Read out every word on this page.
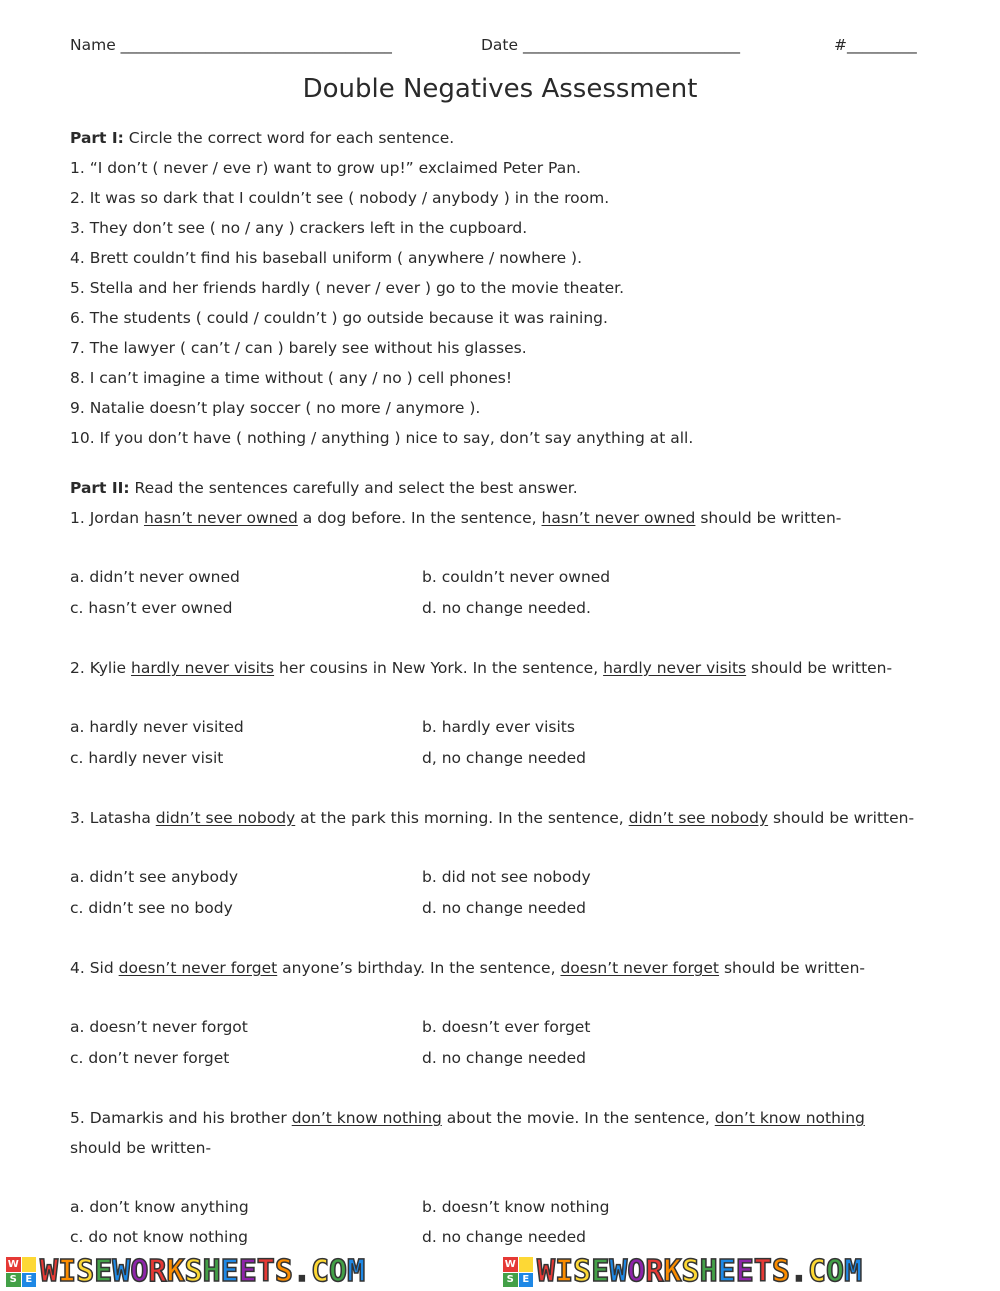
Name ___________________________________	Date ____________________________	#_________
Double Negatives Assessment
Part I: Circle the correct word for each sentence.
1. “I don’t ( never / eve r) want to grow up!” exclaimed Peter Pan.
2. It was so dark that I couldn’t see ( nobody / anybody ) in the room.
3. They don’t see ( no / any ) crackers left in the cupboard.
4. Brett couldn’t find his baseball uniform ( anywhere / nowhere ).
5. Stella and her friends hardly ( never / ever ) go to the movie theater.
6. The students ( could / couldn’t ) go outside because it was raining.
7. The lawyer ( can’t / can ) barely see without his glasses.
8. I can’t imagine a time without ( any / no ) cell phones!
9. Natalie doesn’t play soccer ( no more / anymore ).
10. If you don’t have ( nothing / anything ) nice to say, don’t say anything at all.
Part II: Read the sentences carefully and select the best answer.
1. Jordan hasn’t never owned a dog before. In the sentence, hasn’t never owned should be written-
a. didn’t never owned	b. couldn’t never owned
c. hasn’t ever owned	d. no change needed.
2. Kylie hardly never visits her cousins in New York. In the sentence, hardly never visits should be written-
a. hardly never visited	b. hardly ever visits
c. hardly never visit	d, no change needed
3. Latasha didn’t see nobody at the park this morning. In the sentence, didn’t see nobody should be written-
a. didn’t see anybody	b. did not see nobody
c. didn’t see no body	d. no change needed
4. Sid doesn’t never forget anyone’s birthday. In the sentence, doesn’t never forget should be written-
a. doesn’t never forgot	b. doesn’t ever forget
c. don’t never forget	d. no change needed
5. Damarkis and his brother don’t know nothing about the movie. In the sentence, don’t know nothing
should be written-
a. don’t know anything	b. doesn’t know nothing
c. do not know nothing	d. no change needed
W
S E WISEWORKSHEETS.COM	W
S E WISEWORKSHEETS.COM
